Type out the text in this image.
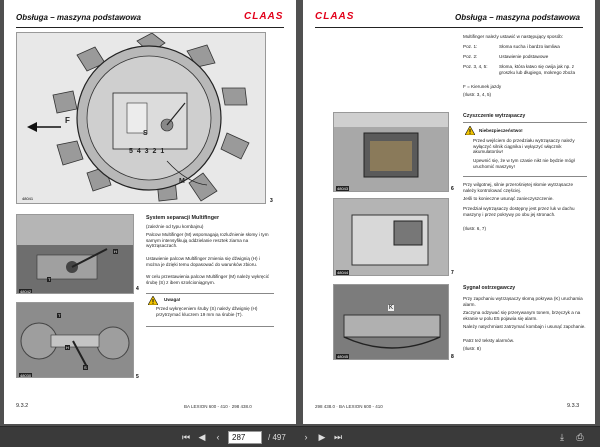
Obsługa – maszyna podstawowa	CLAAS
F
S
5 4 3 2 1
M
48041	3
H
T
48042	4
T
H
S
48030	5
System separacji Multifinger
(zależnie od typu kombajnu)
Palcow Multifinger (M) wspomagają rozluźnienie słomy i tym samym intensyfikują oddzielanie resztek ziarna na wytrząsaczach.
Ustawienie palcow Multifinger zmienia się dźwignią (H) i można je dzięki temu dopasować do warunków zbioru.
W celu przestawienia palcow Multifinger (M) należy wykręcić śrubę (S) z ibem szościoniągnym.
Uwaga!
Przed wykręceniem śruby (S) należy dźwignię (H) przytrzymać kluczem 19 mm na śrubie (T).
9.3.2	BA LEXION 600 - 410 · 298 438.0
CLAAS	Obsługa – maszyna podstawowa
48043	6
48044	7
K
48045	8
Multifinger należy ustawić w następujący sposób:
Poz. 1:	Słoma sucha i bardzo łamliwa
Poz. 2:	Ustawienie podstawowe
Poz. 3, 4, 5: Słoma, która łatwo się owija jak np. z groszku lub długiego, mokrego zboża
F = Kierunek jazdy
(Ilustr. 3, 4, 5)
Czyszczenie wytrząsaczy
Niebezpieczeństwo!
Przed wejściem do przedziału wytrząsaczy należy wyłączyć silnik ciągnika i wyłączyć włącznik akumulatorów!
Upewnić się, że w tym czasie nikt nie będzie mógł uruchomić maszyny!
Przy wilgotnej, silnie przerośniętej słomie wytrząsacze należy kontrolować częściej.
Jeśli to konieczne usunąć zanieczyszczenie.
Przedział wytrząsaczy dostępny jest przez luk w dachu maszyny i przez pokrywy po obu jej stronach.
(Ilustr. 6, 7)
Sygnał ostrzegawczy
Przy zapchaniu wytrząsaczy słomą pokrywa (K) uruchamia alarm.
Zaczyna odzywać się przerywanym tonem, brzęczyk a na ekranie w polu E5 pojawia się alarm.
Należy natychmiast zatrzymać kombajn i usunąć zapchanie.
Patrz też teksty alarmów.
(Ilustr. 8)
298 438.0 · BA LEXION 600 - 410	9.3.3
⏮ ◀	‹	287	/ 497	›	▶ ⏭	⤓	⎙
